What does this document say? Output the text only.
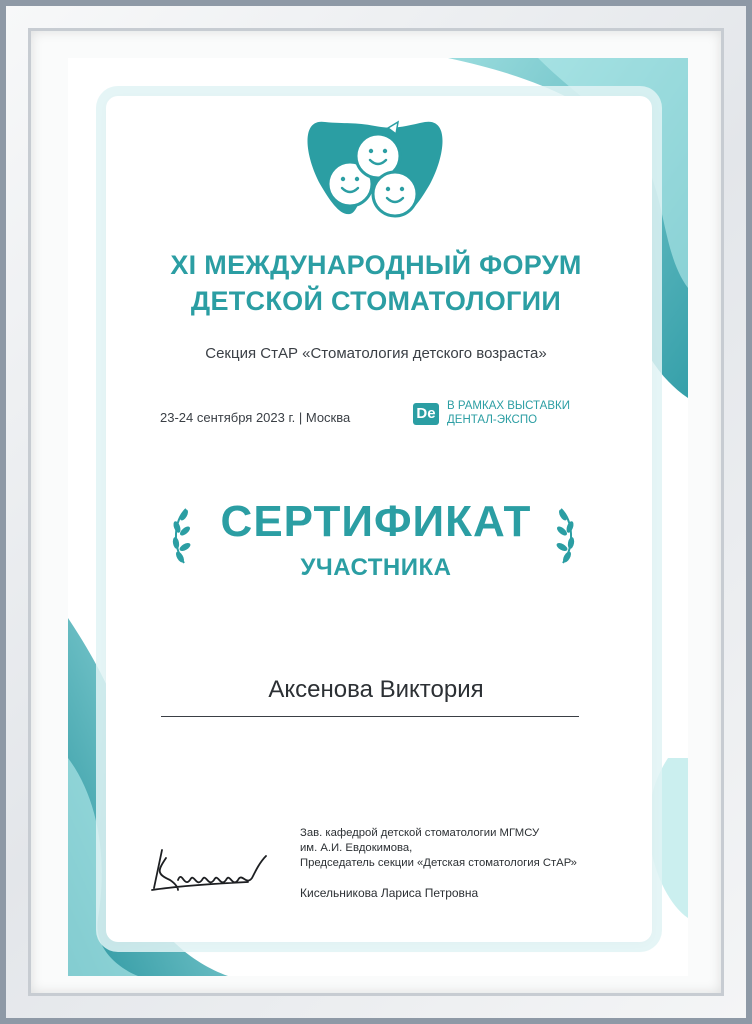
XI МЕЖДУНАРОДНЫЙ ФОРУМ
ДЕТСКОЙ СТОМАТОЛОГИИ
Секция СтАР «Стоматология детского возраста»
23-24 сентября 2023 г. | Москва	De В РАМКАХ ВЫСТАВКИ
ДЕНТАЛ-ЭКСПО
СЕРТИФИКАТ
УЧАСТНИКА
Аксенова Виктория
Зав. кафедрой детской стоматологии МГМСУ
им. А.И. Евдокимова,
Председатель секции «Детская стоматология СтАР»
Кисельникова Лариса Петровна
